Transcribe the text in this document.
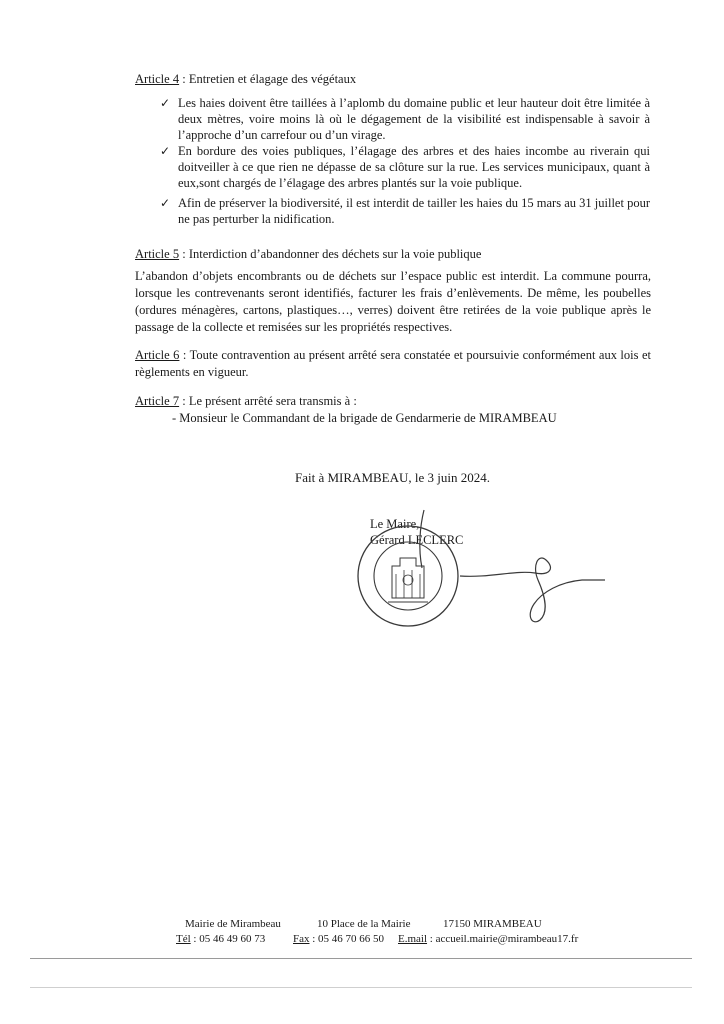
Article 4 : Entretien et élagage des végétaux

✓ Les haies doivent être taillées à l’aplomb du domaine public et leur hauteur doit être limitée à deux mètres, voire moins là où le dégagement de la visibilité est indispensable à savoir à l’approche d’un carrefour ou d’un virage.
✓ En bordure des voies publiques, l’élagage des arbres et des haies incombe au riverain qui doitveiller à ce que rien ne dépasse de sa clôture sur la rue. Les services municipaux, quant à eux,sont chargés de l’élagage des arbres plantés sur la voie publique.
✓ Afin de préserver la biodiversité, il est interdit de tailler les haies du 15 mars au 31 juillet pour ne pas perturber la nidification.

Article 5 : Interdiction d’abandonner des déchets sur la voie publique

L’abandon d’objets encombrants ou de déchets sur l’espace public est interdit. La commune pourra, lorsque les contrevenants seront identifiés, facturer les frais d’enlèvements. De même, les poubelles (ordures ménagères, cartons, plastiques…, verres) doivent être retirées de la voie publique après le passage de la collecte et remisées sur les propriétés respectives.

Article 6 : Toute contravention au présent arrêté sera constatée et poursuivie conformément aux lois et règlements en vigueur.

Article 7 : Le présent arrêté sera transmis à :

- Monsieur le Commandant de la brigade de Gendarmerie de MIRAMBEAU

Fait à MIRAMBEAU, le 3 juin 2024.

Le Maire,

Gérard LECLERC

Mairie de Mirambeau	10 Place de la Mairie	17150 MIRAMBEAU
Tél : 05 46 49 60 73	Fax : 05 46 70 66 50 E.mail : accueil.mairie@mirambeau17.fr
